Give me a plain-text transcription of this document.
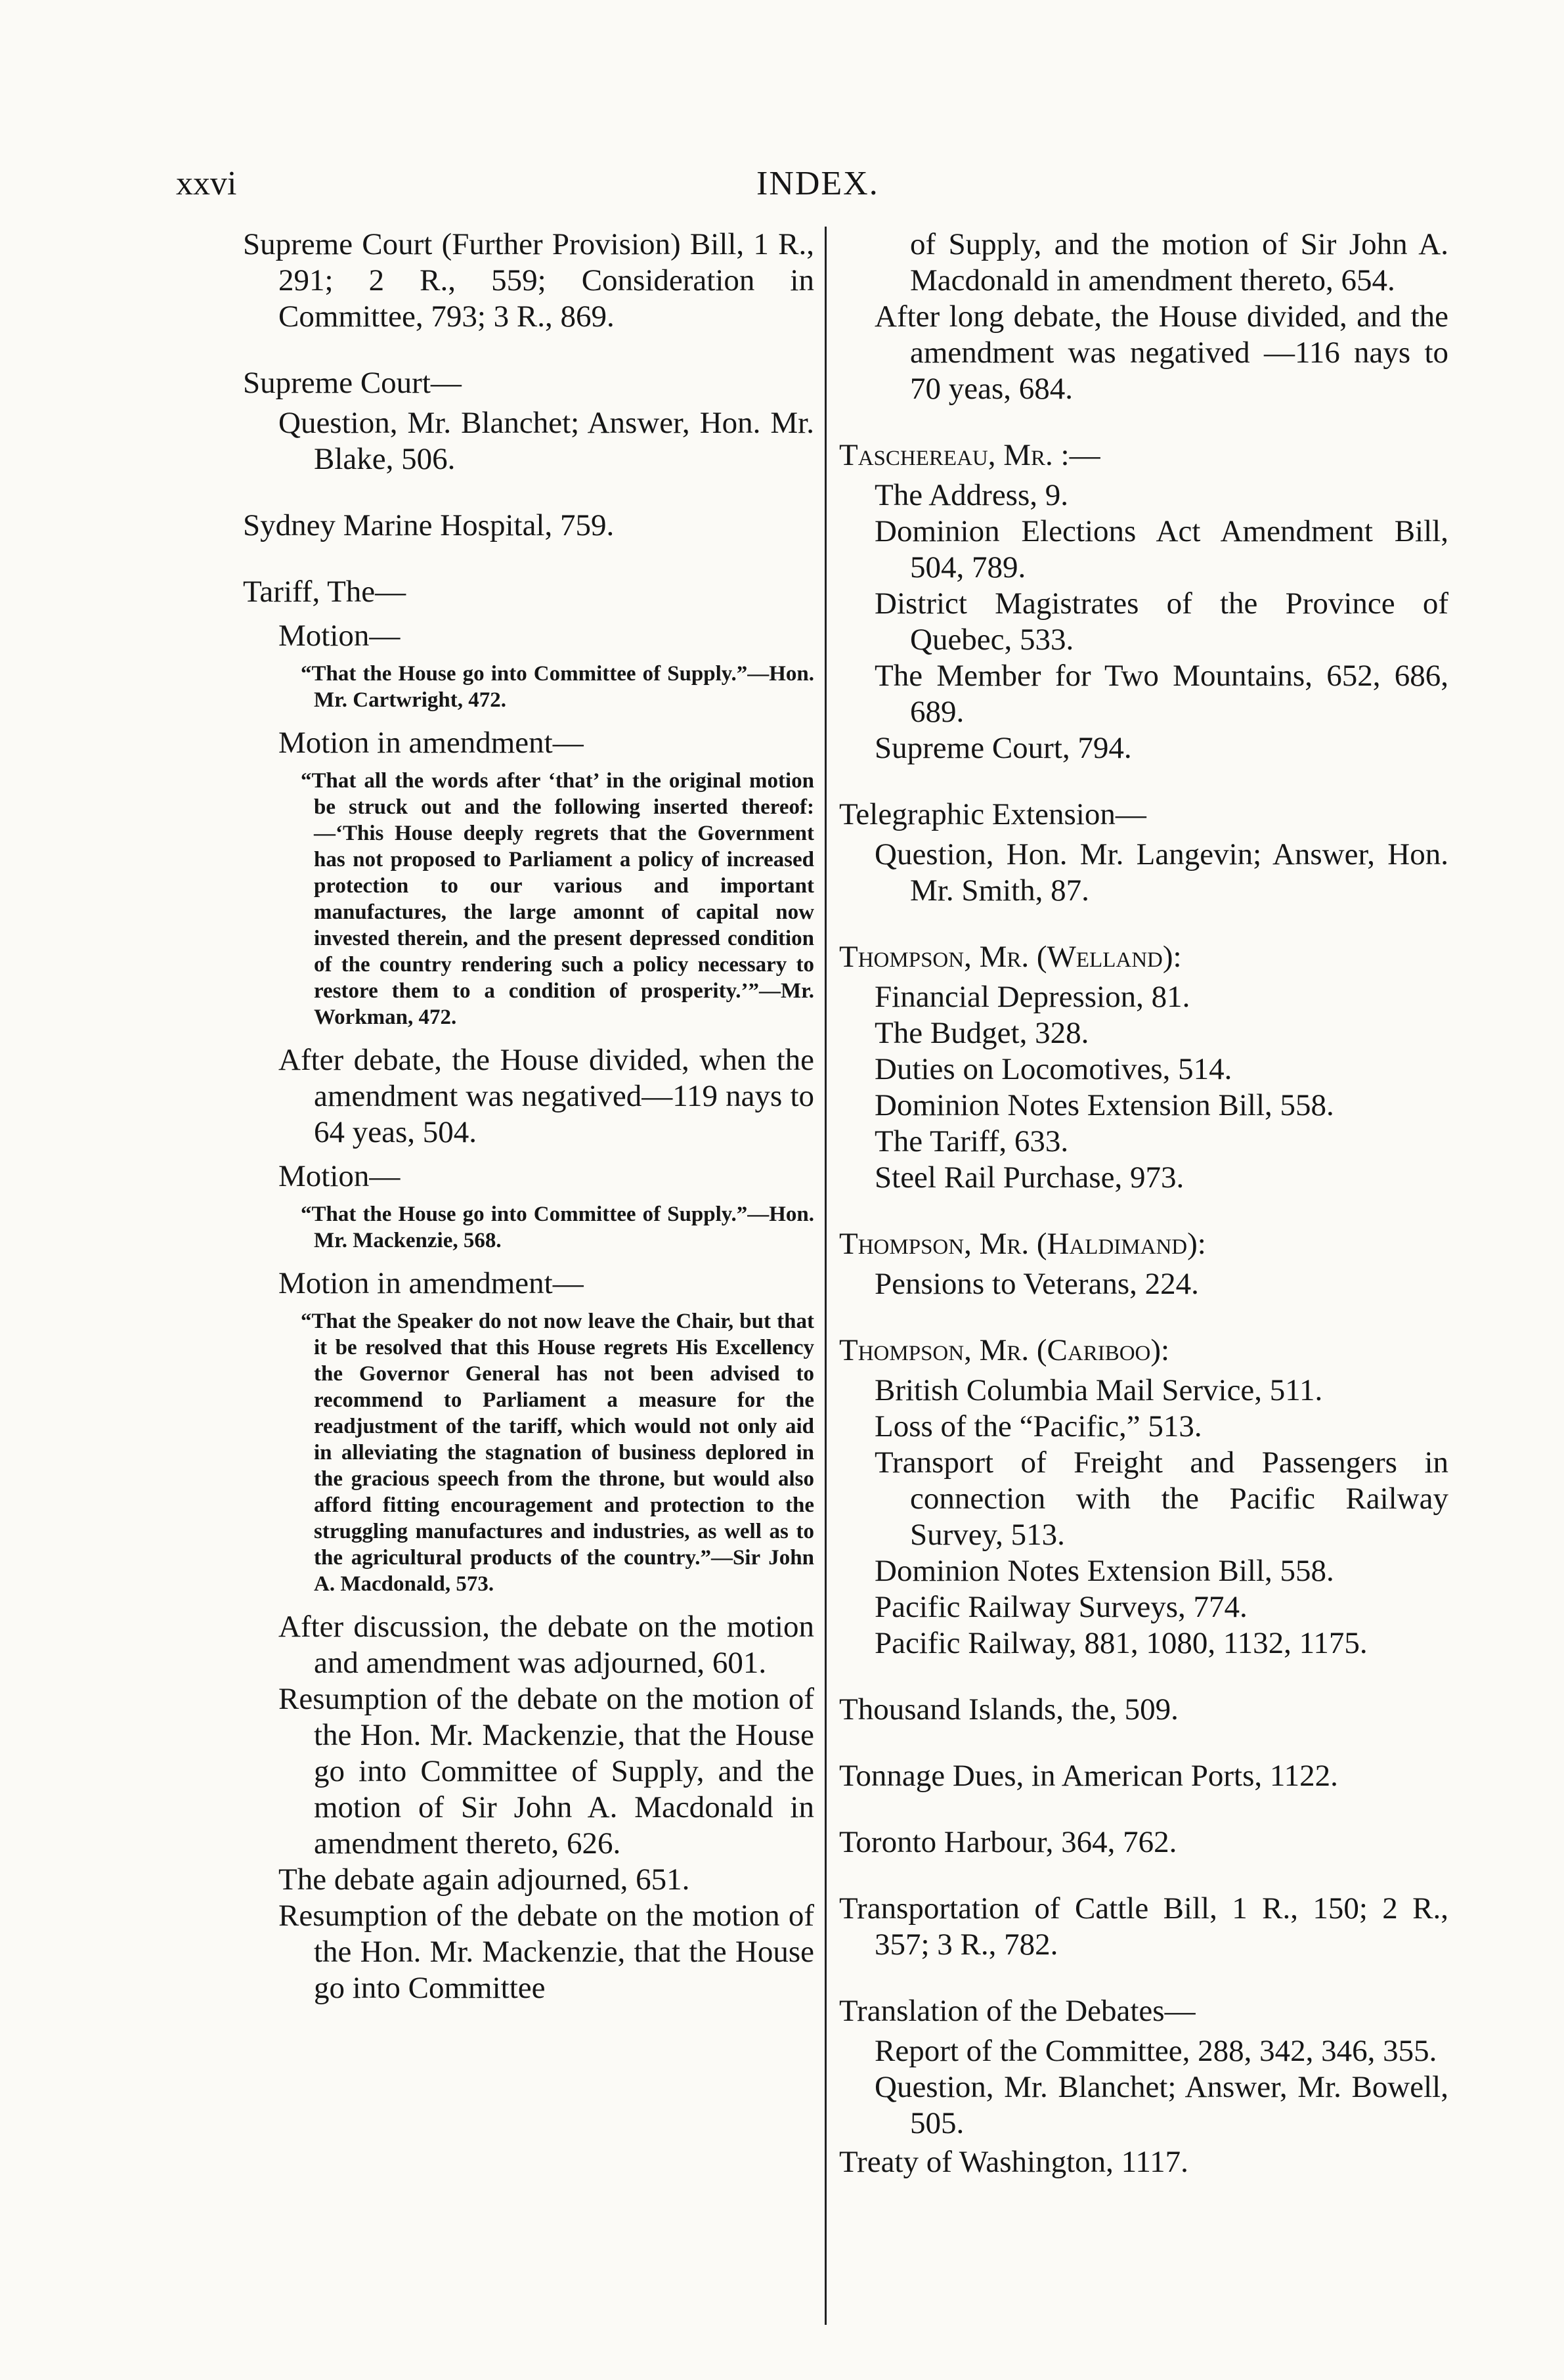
xxvi	INDEX.

Supreme Court (Further Provision) Bill, 1 R., 291; 2 R., 559; Consideration in Committee, 793; 3 R., 869.

Supreme Court—

Question, Mr. Blanchet; Answer, Hon. Mr. Blake, 506.

Sydney Marine Hospital, 759.

Tariff, The—

Motion—

“That the House go into Committee of Supply.”—Hon. Mr. Cartwright, 472.

Motion in amendment—

“That all the words after ‘that’ in the original motion be struck out and the following inserted thereof:—‘This House deeply regrets that the Government has not proposed to Parliament a policy of increased protection to our various and important manufactures, the large amonnt of capital now invested therein, and the present depressed condition of the country rendering such a policy necessary to restore them to a condition of prosperity.’”—Mr. Workman, 472.

After debate, the House divided, when the amendment was negatived—119 nays to 64 yeas, 504.

Motion—

“That the House go into Committee of Supply.”—Hon. Mr. Mackenzie, 568.

Motion in amendment—

“That the Speaker do not now leave the Chair, but that it be resolved that this House regrets His Excellency the Governor General has not been advised to recommend to Parliament a measure for the readjustment of the tariff, which would not only aid in alleviating the stagnation of business deplored in the gracious speech from the throne, but would also afford fitting encouragement and protection to the struggling manufactures and industries, as well as to the agricultural products of the country.”—Sir John A. Macdonald, 573.

After discussion, the debate on the motion and amendment was adjourned, 601.

Resumption of the debate on the motion of the Hon. Mr. Mackenzie, that the House go into Committee of Supply, and the motion of Sir John A. Macdonald in amendment thereto, 626.

The debate again adjourned, 651.

Resumption of the debate on the motion of the Hon. Mr. Mackenzie, that the House go into Committee

of Supply, and the motion of Sir John A. Macdonald in amendment thereto, 654.

After long debate, the House divided, and the amendment was negatived —116 nays to 70 yeas, 684.

Taschereau, Mr. :—

The Address, 9.

Dominion Elections Act Amendment Bill, 504, 789.

District Magistrates of the Province of Quebec, 533.

The Member for Two Mountains, 652, 686, 689.

Supreme Court, 794.

Telegraphic Extension—

Question, Hon. Mr. Langevin; Answer, Hon. Mr. Smith, 87.

Thompson, Mr. (Welland):

Financial Depression, 81.

The Budget, 328.

Duties on Locomotives, 514.

Dominion Notes Extension Bill, 558.

The Tariff, 633.

Steel Rail Purchase, 973.

Thompson, Mr. (Haldimand):

Pensions to Veterans, 224.

Thompson, Mr. (Cariboo):

British Columbia Mail Service, 511.

Loss of the “Pacific,” 513.

Transport of Freight and Passengers in connection with the Pacific Railway Survey, 513.

Dominion Notes Extension Bill, 558.

Pacific Railway Surveys, 774.

Pacific Railway, 881, 1080, 1132, 1175.

Thousand Islands, the, 509.

Tonnage Dues, in American Ports, 1122.

Toronto Harbour, 364, 762.

Transportation of Cattle Bill, 1 R., 150; 2 R., 357; 3 R., 782.

Translation of the Debates—

Report of the Committee, 288, 342, 346, 355.

Question, Mr. Blanchet; Answer, Mr. Bowell, 505.

Treaty of Washington, 1117.
